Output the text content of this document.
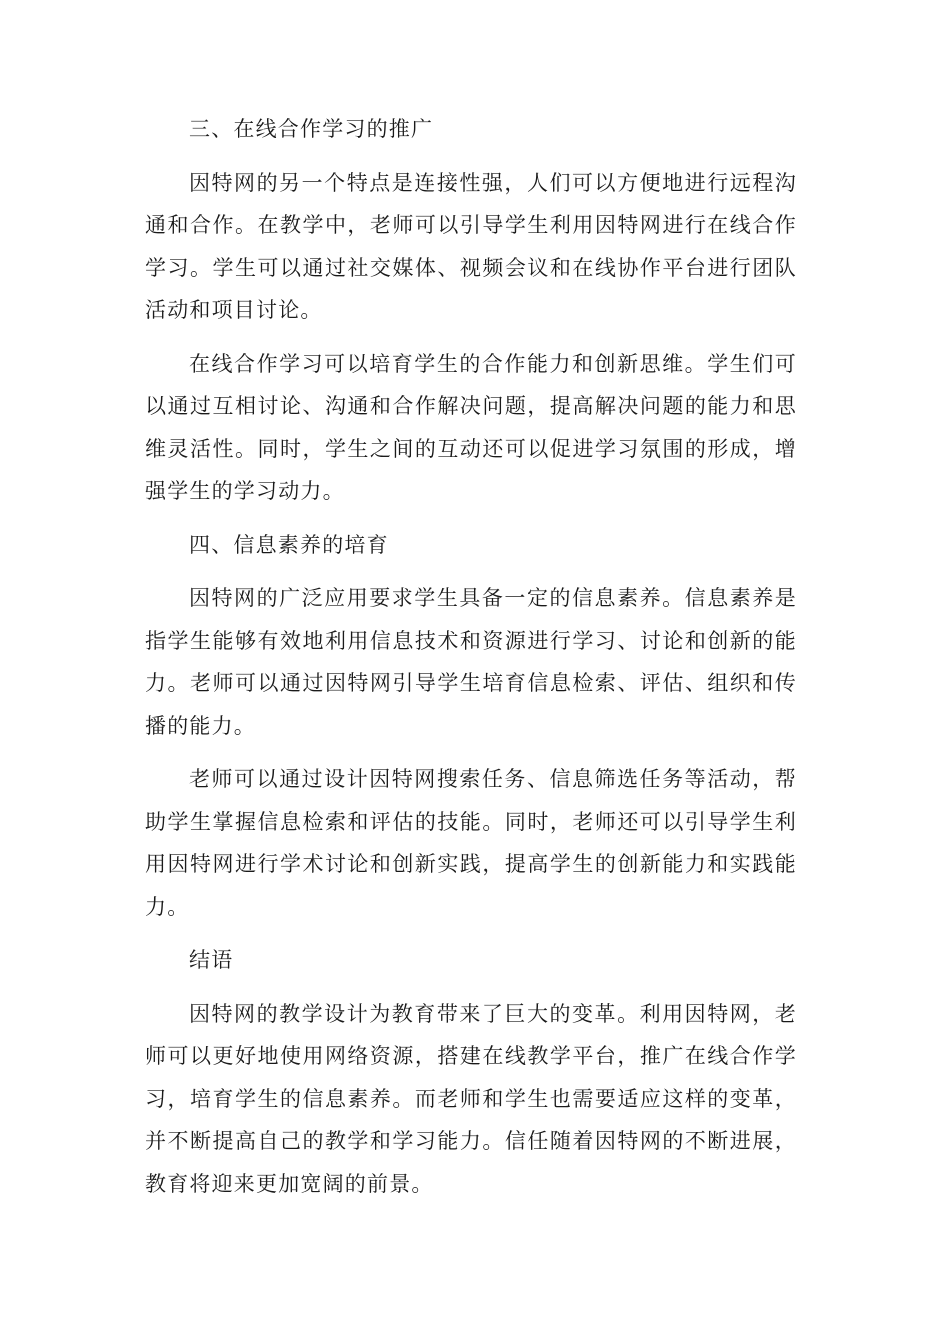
三、在线合作学习的推广

因特网的另一个特点是连接性强，人们可以方便地进行远程沟通和合作。在教学中，老师可以引导学生利用因特网进行在线合作学习。学生可以通过社交媒体、视频会议和在线协作平台进行团队活动和项目讨论。

在线合作学习可以培育学生的合作能力和创新思维。学生们可以通过互相讨论、沟通和合作解决问题，提高解决问题的能力和思维灵活性。同时，学生之间的互动还可以促进学习氛围的形成，增强学生的学习动力。

四、信息素养的培育

因特网的广泛应用要求学生具备一定的信息素养。信息素养是指学生能够有效地利用信息技术和资源进行学习、讨论和创新的能力。老师可以通过因特网引导学生培育信息检索、评估、组织和传播的能力。

老师可以通过设计因特网搜索任务、信息筛选任务等活动，帮助学生掌握信息检索和评估的技能。同时，老师还可以引导学生利用因特网进行学术讨论和创新实践，提高学生的创新能力和实践能力。

结语

因特网的教学设计为教育带来了巨大的变革。利用因特网，老师可以更好地使用网络资源，搭建在线教学平台，推广在线合作学习，培育学生的信息素养。而老师和学生也需要适应这样的变革，并不断提高自己的教学和学习能力。信任随着因特网的不断进展，教育将迎来更加宽阔的前景。
